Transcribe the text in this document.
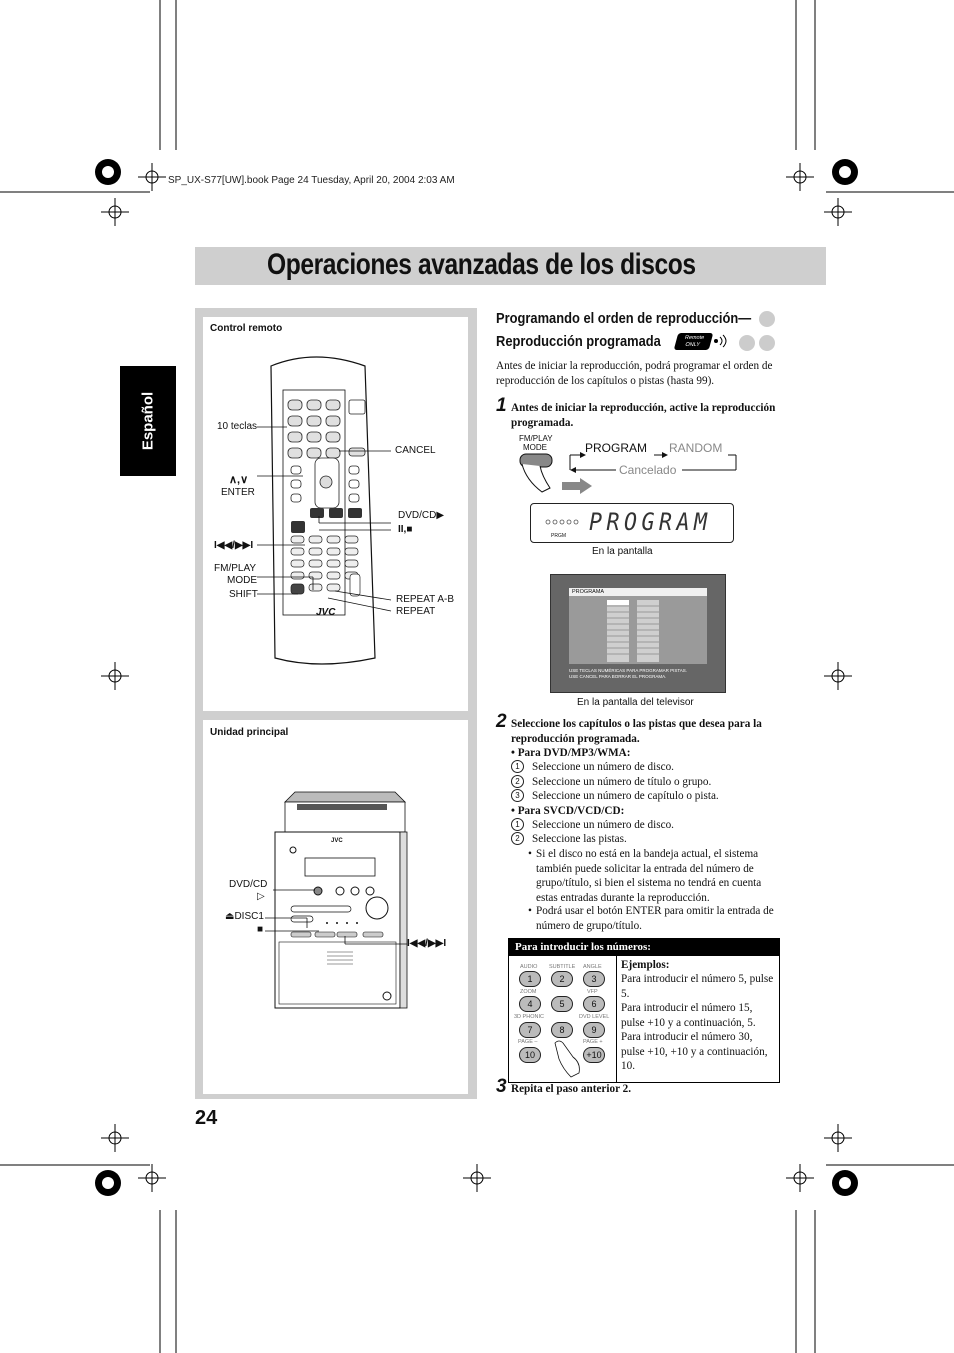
SP_UX-S77[UW].book Page 24 Tuesday, April 20, 2004 2:03 AM
Operaciones avanzadas de los discos
Español
24
Control remoto
Unidad principal
10 teclas
CANCEL
∧,∨
ENTER
DVD/CD▶
II,■
I◀◀/▶▶I
FM/PLAY
MODE
SHIFT	REPEAT A-B
REPEAT
JVC
DVD/CD
▷
⏏DISC1
■
I◀◀/▶▶I
JVC
Programando el orden de reproducción—
Reproducción programada	Remote ONLY
Antes de iniciar la reproducción, podrá programar el orden de reproducción de los capítulos o pistas (hasta 99).
1 Antes de iniciar la reproducción, active la reproducción programada.
FM/PLAY
MODE	PROGRAM RANDOM
Cancelado
PROGRAM
PRGM
En la pantalla
PROGRAMA
USE TECLAS NUMÉRICAS PARA PROGRAMAR PISTAS.
USE CANCEL PARA BORRAR EL PROGRAMA.
En la pantalla del televisor
2 Seleccione los capítulos o las pistas que desea para la reproducción programada.
• Para DVD/MP3/WMA:
1 Seleccione un número de disco.
2 Seleccione un número de título o grupo.
3 Seleccione un número de capítulo o pista.
• Para SVCD/VCD/CD:
1 Seleccione un número de disco.
2 Seleccione las pistas.
• Si el disco no está en la bandeja actual, el sistema también puede solicitar la entrada del número de grupo/título, si bien el sistema no tendrá en cuenta estas entradas durante la reproducción.
• Podrá usar el botón ENTER para omitir la entrada de número de grupo/título.
Para introducir los números:
Ejemplos:
Para introducir el número 5, pulse 5.
Para introducir el número 15, pulse +10 y a continuación, 5.
Para introducir el número 30, pulse +10, +10 y a continuación, 10.
AUDIO SUBTITLE ANGLE
1	2	3
ZOOM	VFP
4	5	6
3D PHONIC	DVD LEVEL
7	8	9
PAGE –	PAGE +
10	+10
3 Repita el paso anterior 2.
